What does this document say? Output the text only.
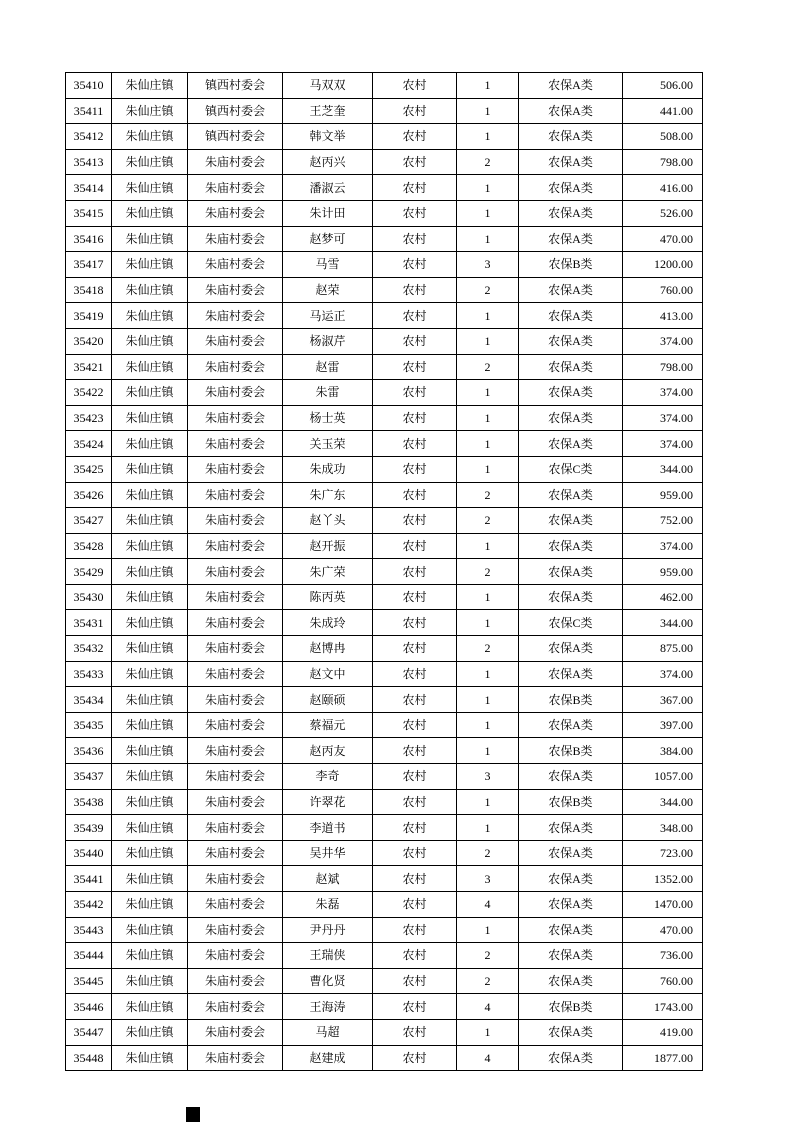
35410	朱仙庄镇	镇西村委会	马双双	农村	1	农保A类	506.00
35411	朱仙庄镇	镇西村委会	王芝奎	农村	1	农保A类	441.00
35412	朱仙庄镇	镇西村委会	韩文举	农村	1	农保A类	508.00
35413	朱仙庄镇	朱庙村委会	赵丙兴	农村	2	农保A类	798.00
35414	朱仙庄镇	朱庙村委会	潘淑云	农村	1	农保A类	416.00
35415	朱仙庄镇	朱庙村委会	朱计田	农村	1	农保A类	526.00
35416	朱仙庄镇	朱庙村委会	赵梦可	农村	1	农保A类	470.00
35417	朱仙庄镇	朱庙村委会	马雪	农村	3	农保B类	1200.00
35418	朱仙庄镇	朱庙村委会	赵荣	农村	2	农保A类	760.00
35419	朱仙庄镇	朱庙村委会	马运正	农村	1	农保A类	413.00
35420	朱仙庄镇	朱庙村委会	杨淑芹	农村	1	农保A类	374.00
35421	朱仙庄镇	朱庙村委会	赵雷	农村	2	农保A类	798.00
35422	朱仙庄镇	朱庙村委会	朱雷	农村	1	农保A类	374.00
35423	朱仙庄镇	朱庙村委会	杨士英	农村	1	农保A类	374.00
35424	朱仙庄镇	朱庙村委会	关玉荣	农村	1	农保A类	374.00
35425	朱仙庄镇	朱庙村委会	朱成功	农村	1	农保C类	344.00
35426	朱仙庄镇	朱庙村委会	朱广东	农村	2	农保A类	959.00
35427	朱仙庄镇	朱庙村委会	赵丫头	农村	2	农保A类	752.00
35428	朱仙庄镇	朱庙村委会	赵开振	农村	1	农保A类	374.00
35429	朱仙庄镇	朱庙村委会	朱广荣	农村	2	农保A类	959.00
35430	朱仙庄镇	朱庙村委会	陈丙英	农村	1	农保A类	462.00
35431	朱仙庄镇	朱庙村委会	朱成玲	农村	1	农保C类	344.00
35432	朱仙庄镇	朱庙村委会	赵博冉	农村	2	农保A类	875.00
35433	朱仙庄镇	朱庙村委会	赵文中	农村	1	农保A类	374.00
35434	朱仙庄镇	朱庙村委会	赵颐硕	农村	1	农保B类	367.00
35435	朱仙庄镇	朱庙村委会	蔡福元	农村	1	农保A类	397.00
35436	朱仙庄镇	朱庙村委会	赵丙友	农村	1	农保B类	384.00
35437	朱仙庄镇	朱庙村委会	李奇	农村	3	农保A类	1057.00
35438	朱仙庄镇	朱庙村委会	许翠花	农村	1	农保B类	344.00
35439	朱仙庄镇	朱庙村委会	李道书	农村	1	农保A类	348.00
35440	朱仙庄镇	朱庙村委会	吴井华	农村	2	农保A类	723.00
35441	朱仙庄镇	朱庙村委会	赵斌	农村	3	农保A类	1352.00
35442	朱仙庄镇	朱庙村委会	朱磊	农村	4	农保A类	1470.00
35443	朱仙庄镇	朱庙村委会	尹丹丹	农村	1	农保A类	470.00
35444	朱仙庄镇	朱庙村委会	王瑞侠	农村	2	农保A类	736.00
35445	朱仙庄镇	朱庙村委会	曹化贤	农村	2	农保A类	760.00
35446	朱仙庄镇	朱庙村委会	王海涛	农村	4	农保B类	1743.00
35447	朱仙庄镇	朱庙村委会	马超	农村	1	农保A类	419.00
35448	朱仙庄镇	朱庙村委会	赵建成	农村	4	农保A类	1877.00
